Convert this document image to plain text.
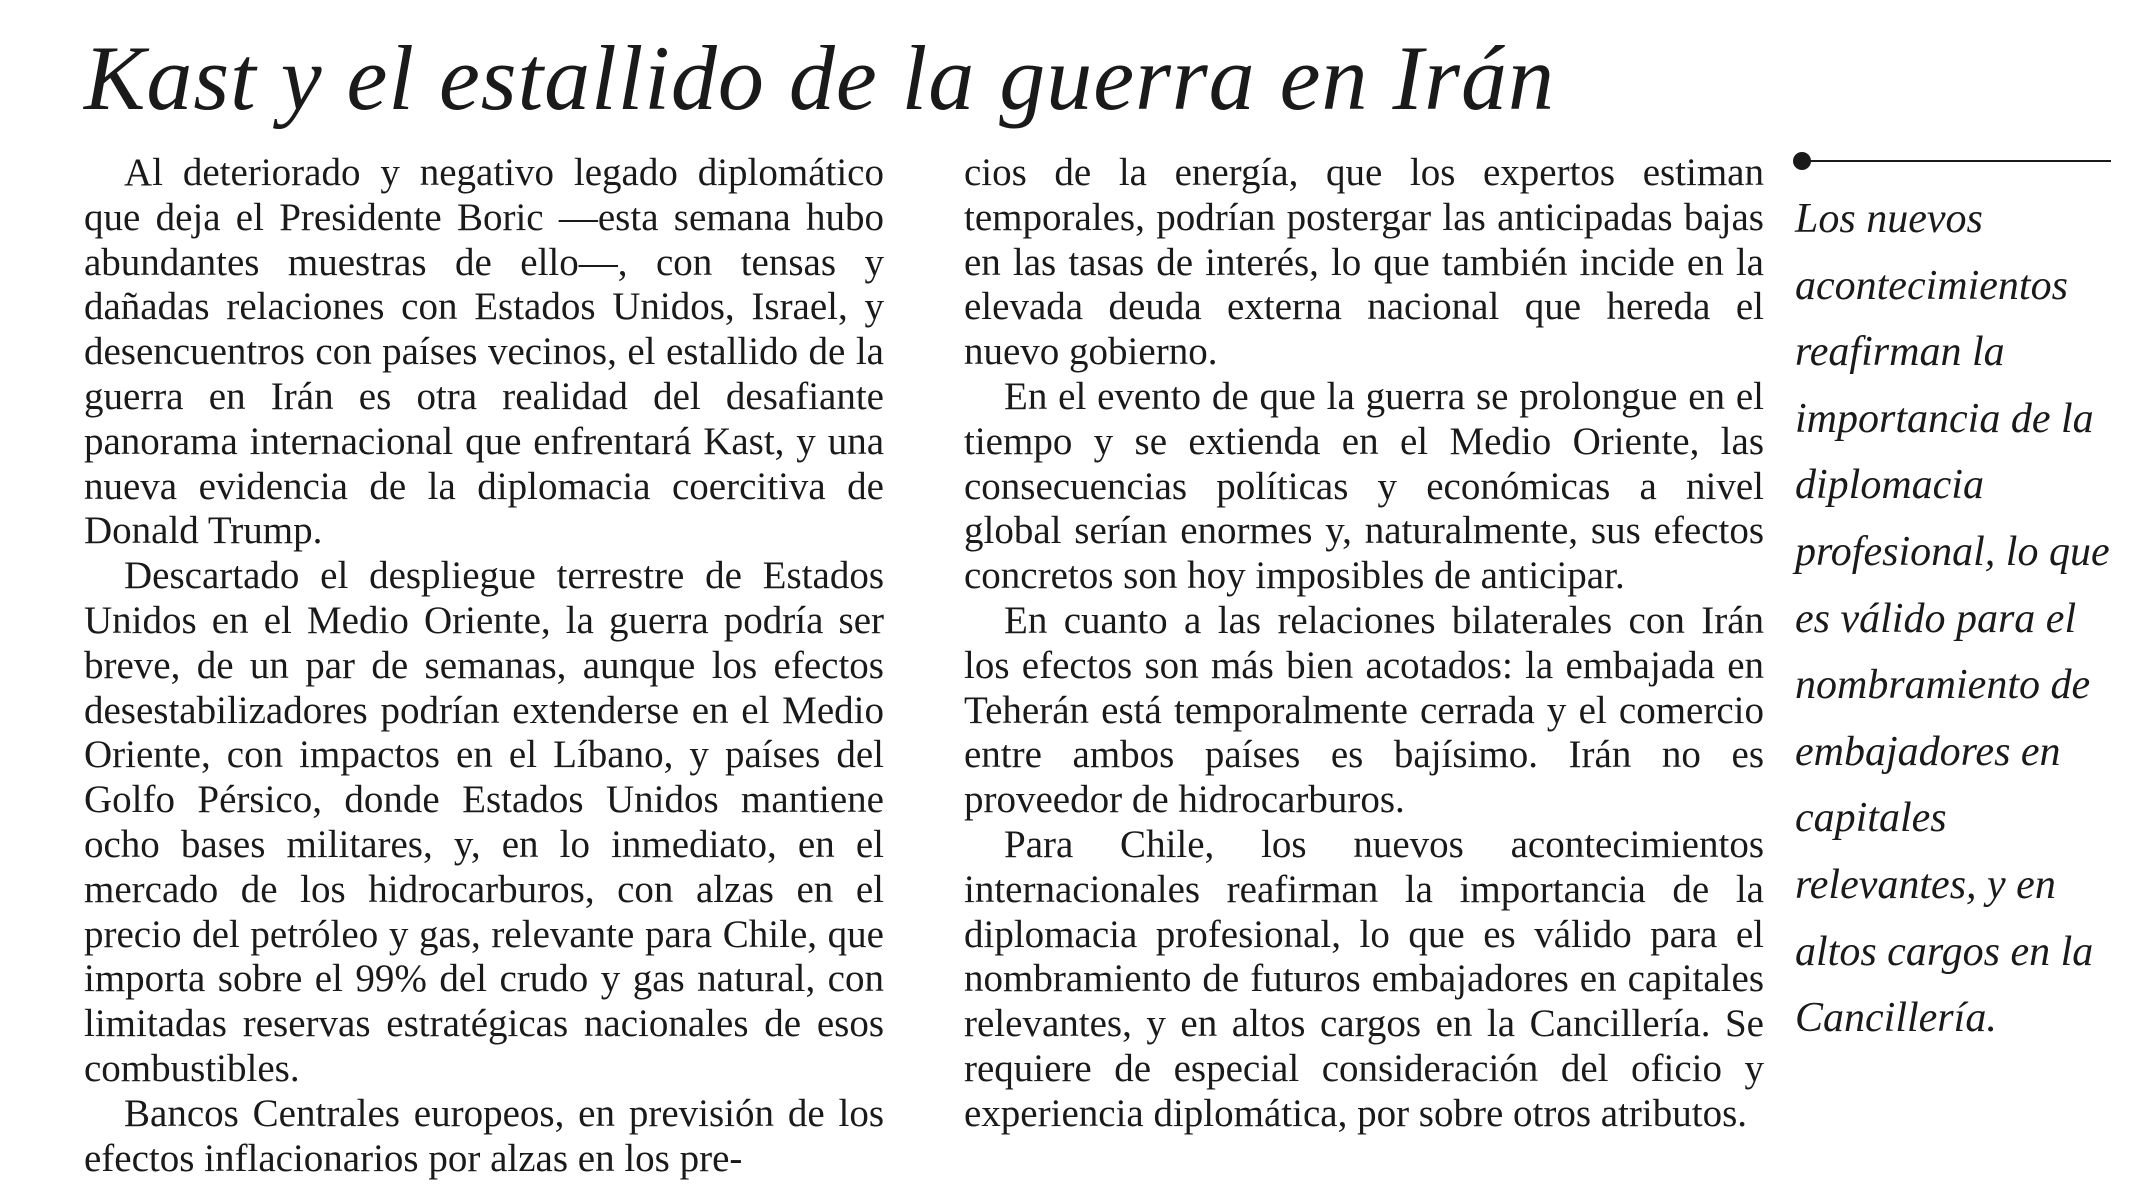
Kast y el estallido de la guerra en Irán

Al deteriorado y negativo legado diplomático que deja el Presidente Boric —esta semana hubo abundantes muestras de ello—, con tensas y dañadas relaciones con Estados Unidos, Israel, y desencuentros con países vecinos, el estallido de la guerra en Irán es otra realidad del desafiante panorama internacional que enfrentará Kast, y una nueva evidencia de la diplomacia coercitiva de Donald Trump.

Descartado el despliegue terrestre de Estados Unidos en el Medio Oriente, la guerra podría ser breve, de un par de semanas, aunque los efectos desestabilizadores podrían extenderse en el Medio Oriente, con impactos en el Líbano, y países del Golfo Pérsico, donde Estados Unidos mantiene ocho bases militares, y, en lo inmediato, en el mercado de los hidrocarburos, con alzas en el precio del petróleo y gas, relevante para Chile, que importa sobre el 99% del crudo y gas natural, con limitadas reservas estratégicas nacionales de esos combustibles.

Bancos Centrales europeos, en previsión de los efectos inflacionarios por alzas en los pre-

cios de la energía, que los expertos estiman temporales, podrían postergar las anticipadas bajas en las tasas de interés, lo que también incide en la elevada deuda externa nacional que hereda el nuevo gobierno.

En el evento de que la guerra se prolongue en el tiempo y se extienda en el Medio Oriente, las consecuencias políticas y económicas a nivel global serían enormes y, naturalmente, sus efectos concretos son hoy imposibles de anticipar.

En cuanto a las relaciones bilaterales con Irán los efectos son más bien acotados: la embajada en Teherán está temporalmente cerrada y el comercio entre ambos países es bajísimo. Irán no es proveedor de hidrocarburos.

Para Chile, los nuevos acontecimientos internacionales reafirman la importancia de la diplomacia profesional, lo que es válido para el nombramiento de futuros embajadores en capitales relevantes, y en altos cargos en la Cancillería. Se requiere de especial consideración del oficio y experiencia diplomática, por sobre otros atributos.

Los nuevos acontecimientos reafirman la importancia de la diplomacia profesional, lo que es válido para el nombramiento de embajadores en capitales relevantes, y en altos cargos en la Cancillería.
